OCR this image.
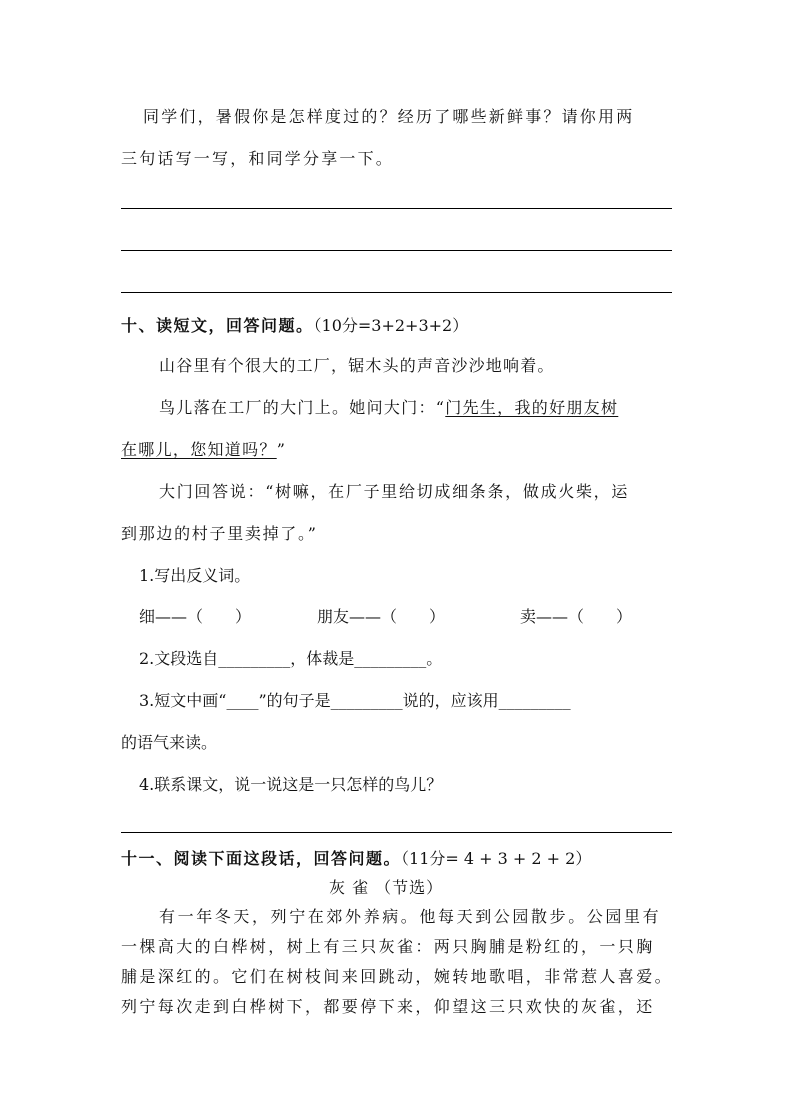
同学们，暑假你是怎样度过的？经历了哪些新鲜事？请你用两
三句话写一写，和同学分享一下。
十、读短文，回答问题。（10分=3+2+3+2）
山谷里有个很大的工厂，锯木头的声音沙沙地响着。
鸟儿落在工厂的大门上。她问大门：“门先生，我的好朋友树
在哪儿，您知道吗？”
大门回答说：“树嘛，在厂子里给切成细条条，做成火柴，运
到那边的村子里卖掉了。”
1.写出反义词。
细——（　　）	朋友——（　　）	卖——（　　）
2.文段选自_________，体裁是_________。
3.短文中画“____”的句子是_________说的，应该用_________
的语气来读。
4.联系课文，说一说这是一只怎样的鸟儿？
十一、阅读下面这段话，回答问题。（11分= 4 + 3 + 2 + 2）
灰 雀 （节选）
有一年冬天，列宁在郊外养病。他每天到公园散步。公园里有
一棵高大的白桦树，树上有三只灰雀：两只胸脯是粉红的，一只胸
脯是深红的。它们在树枝间来回跳动，婉转地歌唱，非常惹人喜爱。
列宁每次走到白桦树下，都要停下来，仰望这三只欢快的灰雀，还
